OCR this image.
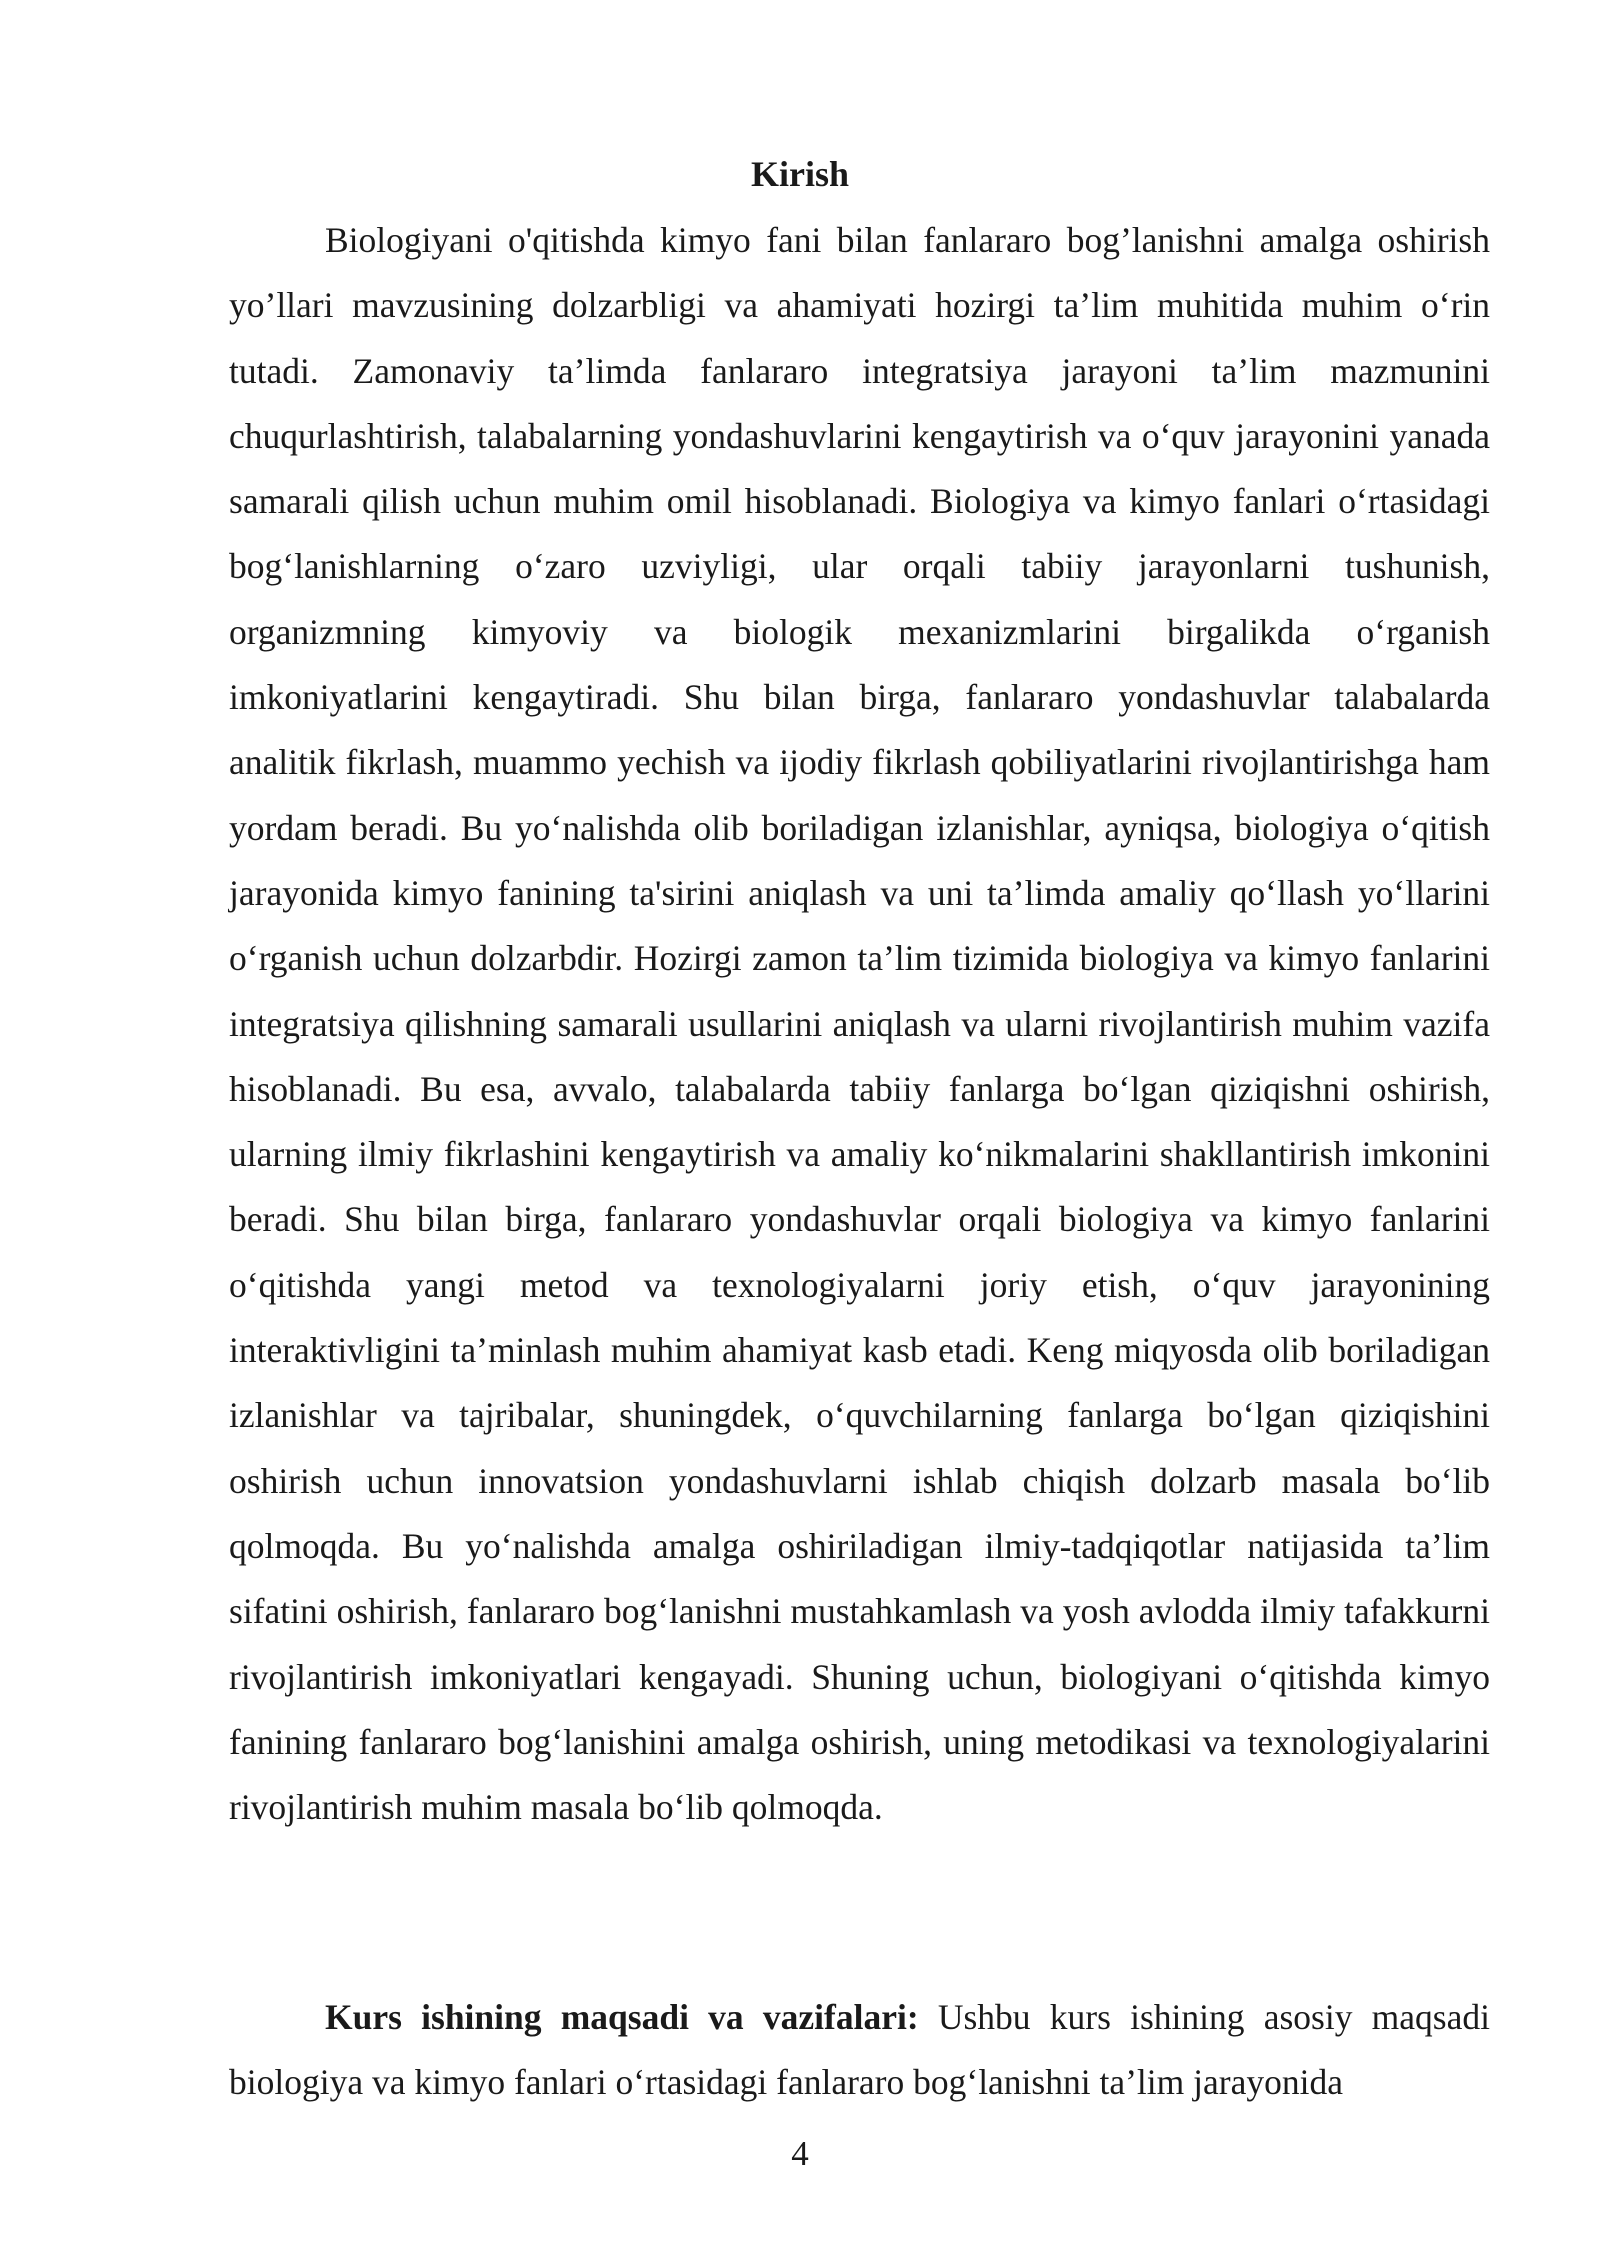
Kirish

Biologiyani o'qitishda kimyo fani bilan fanlararo bog’lanishni amalga oshirish yo’llari mavzusining dolzarbligi va ahamiyati hozirgi ta’lim muhitida muhim o‘rin tutadi. Zamonaviy ta’limda fanlararo integratsiya jarayoni ta’lim mazmunini chuqurlashtirish, talabalarning yondashuvlarini kengaytirish va o‘quv jarayonini yanada samarali qilish uchun muhim omil hisoblanadi. Biologiya va kimyo fanlari o‘rtasidagi bog‘lanishlarning o‘zaro uzviyligi, ular orqali tabiiy jarayonlarni tushunish, organizmning kimyoviy va biologik mexanizmlarini birgalikda o‘rganish imkoniyatlarini kengaytiradi. Shu bilan birga, fanlararo yondashuvlar talabalarda analitik fikrlash, muammo yechish va ijodiy fikrlash qobiliyatlarini rivojlantirishga ham yordam beradi. Bu yo‘nalishda olib boriladigan izlanishlar, ayniqsa, biologiya o‘qitish jarayonida kimyo fanining ta'sirini aniqlash va uni ta’limda amaliy qo‘llash yo‘llarini o‘rganish uchun dolzarbdir. Hozirgi zamon ta’lim tizimida biologiya va kimyo fanlarini integratsiya qilishning samarali usullarini aniqlash va ularni rivojlantirish muhim vazifa hisoblanadi. Bu esa, avvalo, talabalarda tabiiy fanlarga bo‘lgan qiziqishni oshirish, ularning ilmiy fikrlashini kengaytirish va amaliy ko‘nikmalarini shakllantirish imkonini beradi. Shu bilan birga, fanlararo yondashuvlar orqali biologiya va kimyo fanlarini o‘qitishda yangi metod va texnologiyalarni joriy etish, o‘quv jarayonining interaktivligini ta’minlash muhim ahamiyat kasb etadi. Keng miqyosda olib boriladigan izlanishlar va tajribalar, shuningdek, o‘quvchilarning fanlarga bo‘lgan qiziqishini oshirish uchun innovatsion yondashuvlarni ishlab chiqish dolzarb masala bo‘lib qolmoqda. Bu yo‘nalishda amalga oshiriladigan ilmiy-tadqiqotlar natijasida ta’lim sifatini oshirish, fanlararo bog‘lanishni mustahkamlash va yosh avlodda ilmiy tafakkurni rivojlantirish imkoniyatlari kengayadi. Shuning uchun, biologiyani o‘qitishda kimyo fanining fanlararo bog‘lanishini amalga oshirish, uning metodikasi va texnologiyalarini rivojlantirish muhim masala bo‘lib qolmoqda.

Kurs ishining maqsadi va vazifalari: Ushbu kurs ishining asosiy maqsadi biologiya va kimyo fanlari o‘rtasidagi fanlararo bog‘lanishni ta’lim jarayonida

4
